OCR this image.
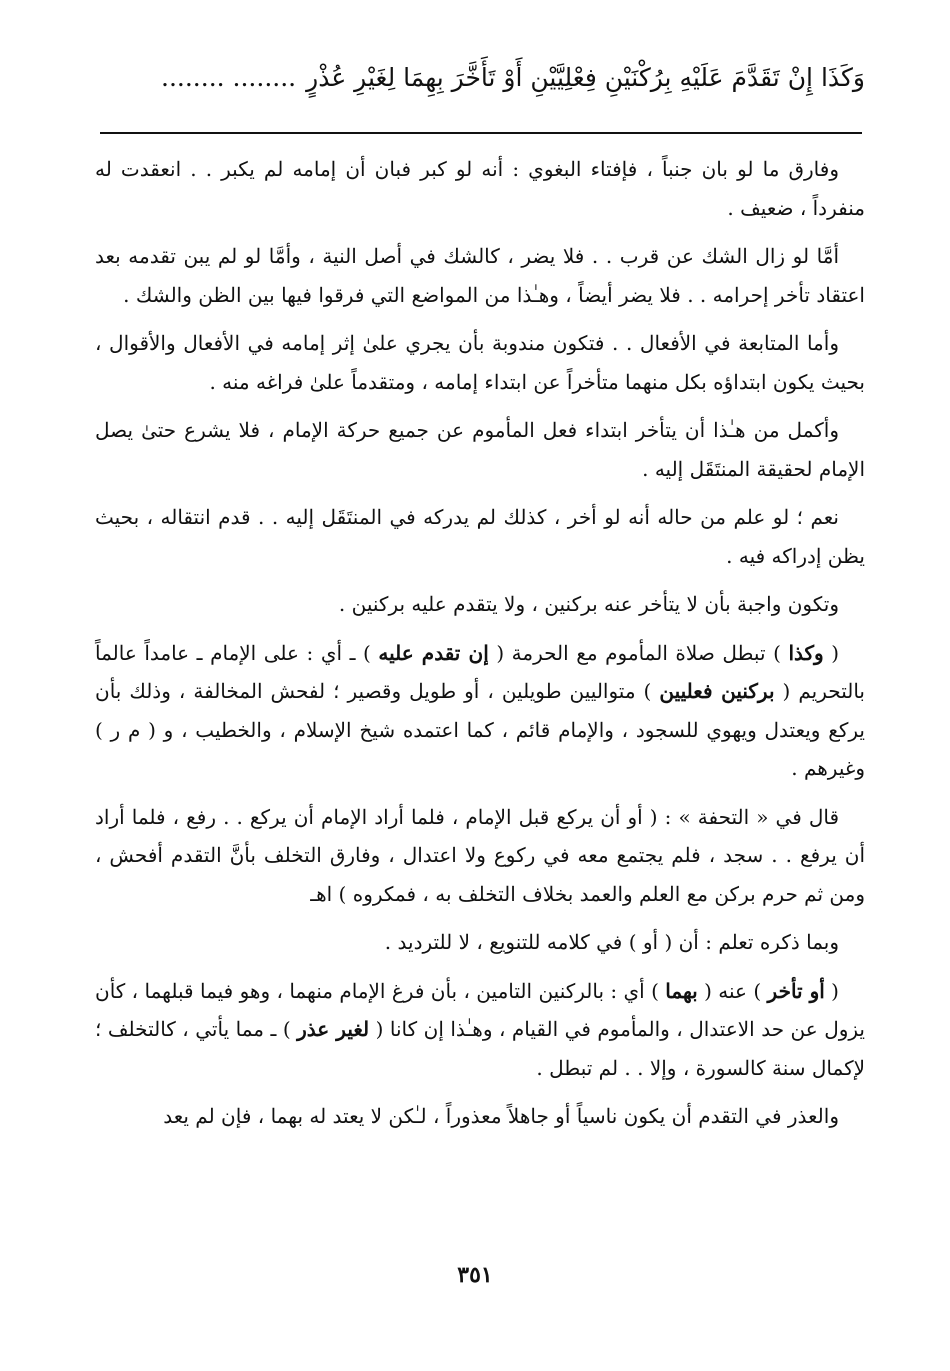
وَكَذَا إِنْ تَقَدَّمَ عَلَيْهِ بِرُكْنَيْنِ فِعْلِيَّيْنِ أَوْ تَأَخَّرَ بِهِمَا لِغَيْرِ عُذْرٍ........ ........

وفارق ما لو بان جنباً ، فإفتاء البغوي : أنه لو كبر فبان أن إمامه لم يكبر . . انعقدت له منفرداً ، ضعيف .

أمَّا لو زال الشك عن قرب . . فلا يضر ، كالشك في أصل النية ، وأمَّا لو لم يبن تقدمه بعد اعتقاد تأخر إحرامه . . فلا يضر أيضاً ، وهـٰذا من المواضع التي فرقوا فيها بين الظن والشك .

وأما المتابعة في الأفعال . . فتكون مندوبة بأن يجري علىٰ إثر إمامه في الأفعال والأقوال ، بحيث يكون ابتداؤه بكل منهما متأخراً عن ابتداء إمامه ، ومتقدماً علىٰ فراغه منه .

وأكمل من هـٰذا أن يتأخر ابتداء فعل المأموم عن جميع حركة الإمام ، فلا يشرع حتىٰ يصل الإمام لحقيقة المنتَقَل إليه .

نعم ؛ لو علم من حاله أنه لو أخر ، كذلك لم يدركه في المنتَقَل إليه . . قدم انتقاله ، بحيث يظن إدراكه فيه .

وتكون واجبة بأن لا يتأخر عنه بركنين ، ولا يتقدم عليه بركنين .

( وكذا ) تبطل صلاة المأموم مع الحرمة ( إن تقدم عليه ) ـ أي : على الإمام ـ عامداً عالماً بالتحريم ( بركنين فعليين ) متواليين طويلين ، أو طويل وقصير ؛ لفحش المخالفة ، وذلك بأن يركع ويعتدل ويهوي للسجود ، والإمام قائم ، كما اعتمده شيخ الإسلام ، والخطيب ، و ( م ر ) وغيرهم .

قال في « التحفة » : ( أو أن يركع قبل الإمام ، فلما أراد الإمام أن يركع . . رفع ، فلما أراد أن يرفع . . سجد ، فلم يجتمع معه في ركوع ولا اعتدال ، وفارق التخلف بأنَّ التقدم أفحش ، ومن ثم حرم بركن مع العلم والعمد بخلاف التخلف به ، فمكروه ) اهـ

وبما ذكره تعلم : أن ( أو ) في كلامه للتنويع ، لا للترديد .

( أو تأخر ) عنه ( بهما ) أي : بالركنين التامين ، بأن فرغ الإمام منهما ، وهو فيما قبلهما ، كأن يزول عن حد الاعتدال ، والمأموم في القيام ، وهـٰذا إن كانا ( لغير عذر ) ـ مما يأتي ، كالتخلف ؛ لإكمال سنة كالسورة ، وإلا . . لم تبطل .

والعذر في التقدم أن يكون ناسياً أو جاهلاً معذوراً ، لـٰكن لا يعتد له بهما ، فإن لم يعد

٣٥١
